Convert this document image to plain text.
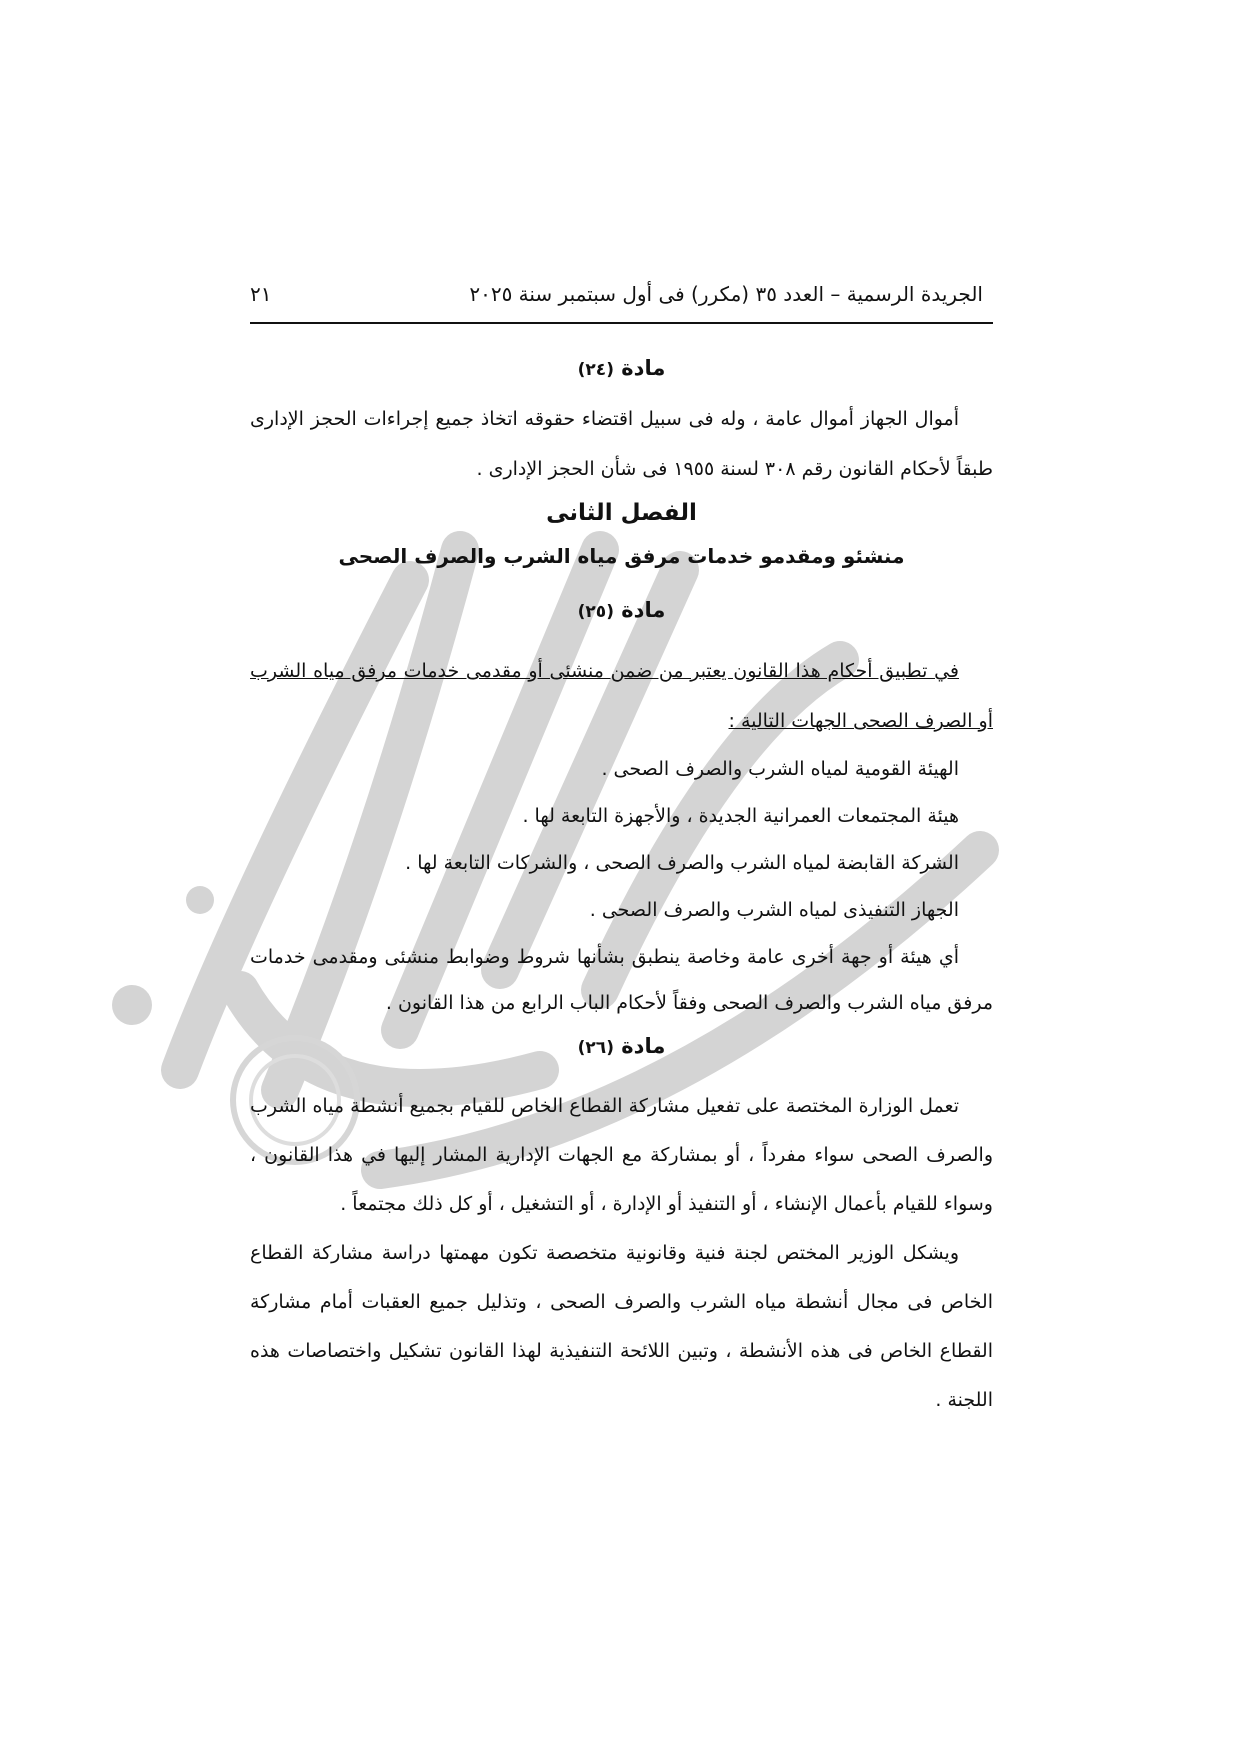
الجريدة الرسمية – العدد ٣٥ (مكرر) فى أول سبتمبر سنة ٢٠٢٥
٢١
مادة (٢٤)

أموال الجهاز أموال عامة ، وله فى سبيل اقتضاء حقوقه اتخاذ جميع إجراءات الحجز الإدارى طبقاً لأحكام القانون رقم ٣٠٨ لسنة ١٩٥٥ فى شأن الحجز الإدارى .

الفصل الثانى
منشئو ومقدمو خدمات مرفق مياه الشرب والصرف الصحى
مادة (٢٥)

في تطبيق أحكام هذا القانون يعتبر من ضمن منشئى أو مقدمى خدمات مرفق مياه الشرب أو الصرف الصحى الجهات التالية :

الهيئة القومية لمياه الشرب والصرف الصحى .

هيئة المجتمعات العمرانية الجديدة ، والأجهزة التابعة لها .

الشركة القابضة لمياه الشرب والصرف الصحى ، والشركات التابعة لها .

الجهاز التنفيذى لمياه الشرب والصرف الصحى .

أي هيئة أو جهة أخرى عامة وخاصة ينطبق بشأنها شروط وضوابط منشئى ومقدمى خدمات مرفق مياه الشرب والصرف الصحى وفقاً لأحكام الباب الرابع من هذا القانون .

مادة (٢٦)

تعمل الوزارة المختصة على تفعيل مشاركة القطاع الخاص للقيام بجميع أنشطة مياه الشرب والصرف الصحى سواء مفرداً ، أو بمشاركة مع الجهات الإدارية المشار إليها في هذا القانون ، وسواء للقيام بأعمال الإنشاء ، أو التنفيذ أو الإدارة ، أو التشغيل ، أو كل ذلك مجتمعاً .

ويشكل الوزير المختص لجنة فنية وقانونية متخصصة تكون مهمتها دراسة مشاركة القطاع الخاص فى مجال أنشطة مياه الشرب والصرف الصحى ، وتذليل جميع العقبات أمام مشاركة القطاع الخاص فى هذه الأنشطة ، وتبين اللائحة التنفيذية لهذا القانون تشكيل واختصاصات هذه اللجنة .
